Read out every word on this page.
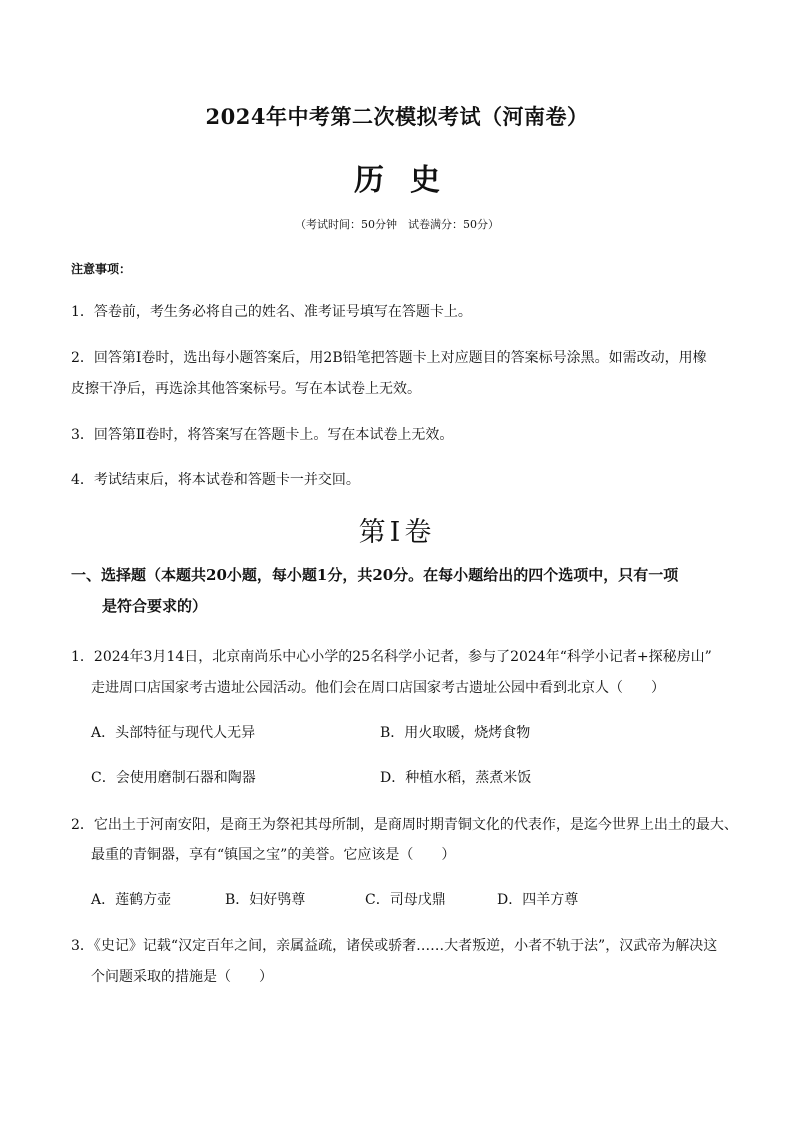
2024年中考第二次模拟考试（河南卷）
历史
（考试时间：50分钟　试卷满分：50分）
注意事项：
1．答卷前，考生务必将自己的姓名、准考证号填写在答题卡上。
2．回答第Ⅰ卷时，选出每小题答案后，用2B铅笔把答题卡上对应题目的答案标号涂黑。如需改动，用橡
皮擦干净后，再选涂其他答案标号。写在本试卷上无效。
3．回答第Ⅱ卷时，将答案写在答题卡上。写在本试卷上无效。
4．考试结束后，将本试卷和答题卡一并交回。
第Ⅰ卷
一、选择题（本题共20小题，每小题1分，共20分。在每小题给出的四个选项中，只有一项
是符合要求的）
1．2024年3月14日，北京南尚乐中心小学的25名科学小记者，参与了2024年“科学小记者+探秘房山”
走进周口店国家考古遗址公园活动。他们会在周口店国家考古遗址公园中看到北京人（　　）
A．头部特征与现代人无异	B．用火取暖，烧烤食物
C．会使用磨制石器和陶器	D．种植水稻，蒸煮米饭
2．它出土于河南安阳，是商王为祭祀其母所制，是商周时期青铜文化的代表作，是迄今世界上出土的最大、
最重的青铜器，享有“镇国之宝”的美誉。它应该是（　　）
A．莲鹤方壶	B．妇好鸮尊	C．司母戊鼎	D．四羊方尊
3．《史记》记载“汉定百年之间，亲属益疏，诸侯或骄奢……大者叛逆，小者不轨于法”，汉武帝为解决这
个问题采取的措施是（　　）
